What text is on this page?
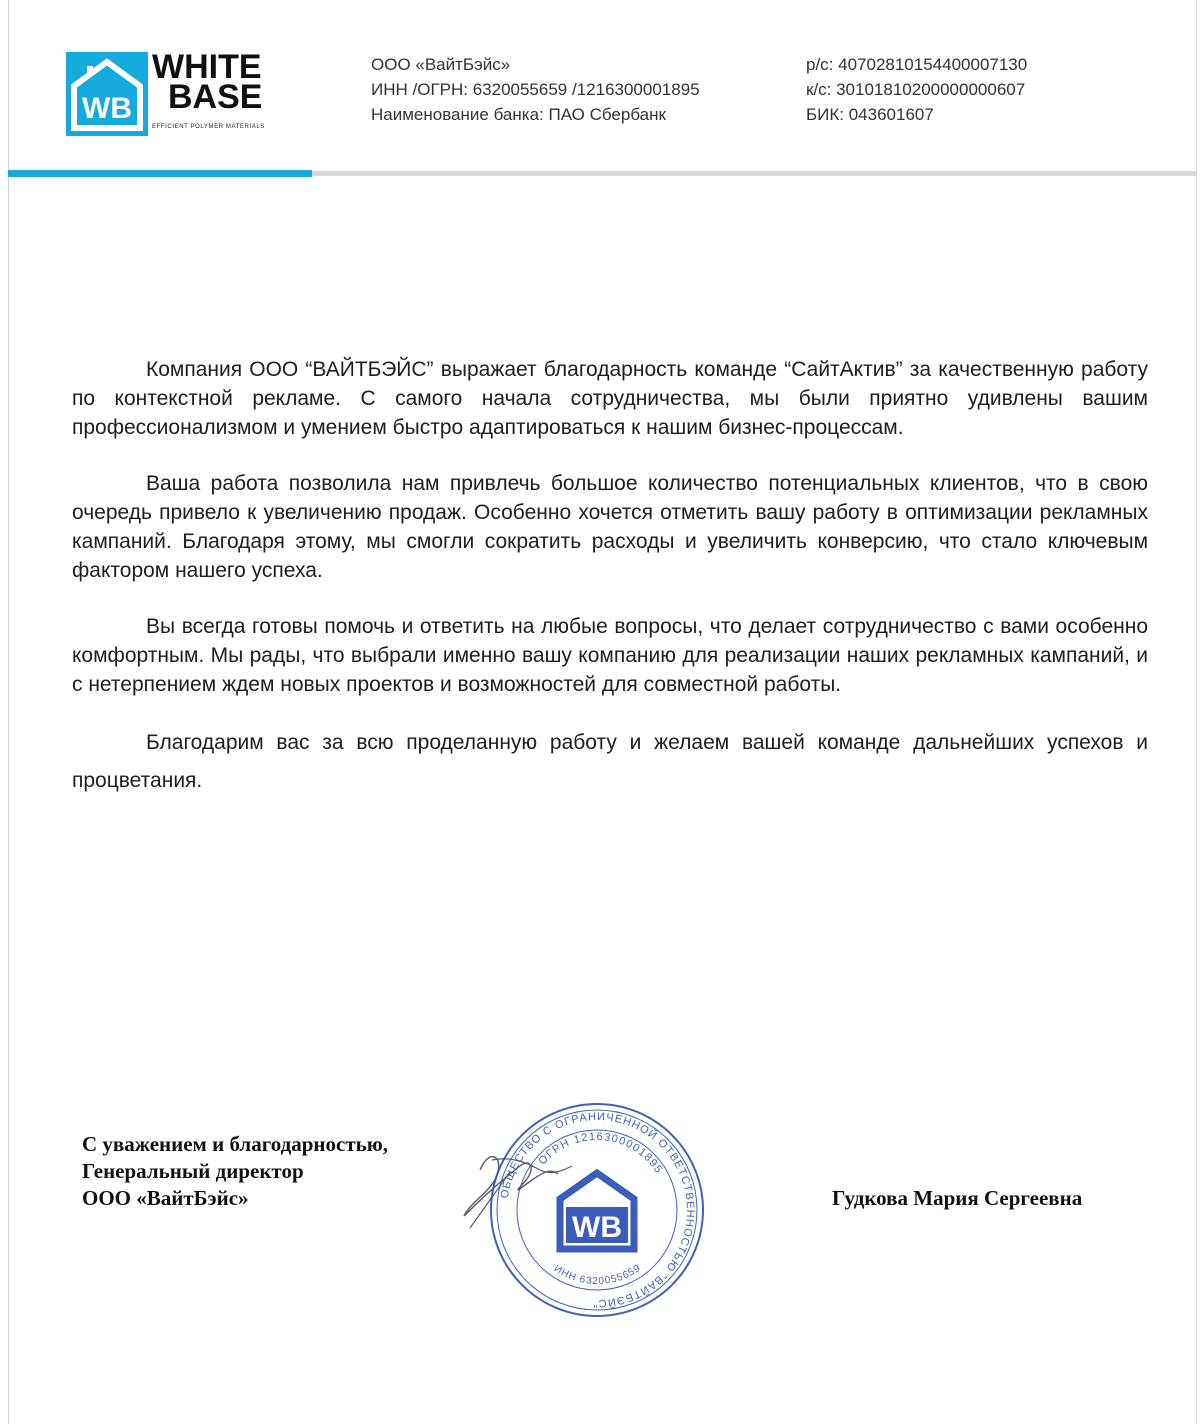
WB
WHITE
BASE
EFFICIENT POLYMER MATERIALS
ООО «ВайтБэйс»
ИНН /ОГРН: 6320055659 /1216300001895
Наименование банка: ПАО Сбербанк
р/с: 40702810154400007130
к/с: 30101810200000000607
БИК: 043601607

Компания ООО “ВАЙТБЭЙС” выражает благодарность команде “СайтАктив” за качественную работу по контекстной рекламе. С самого начала сотрудничества, мы были приятно удивлены вашим профессионализмом и умением быстро адаптироваться к нашим бизнес-процессам.

Ваша работа позволила нам привлечь большое количество потенциальных клиентов, что в свою очередь привело к увеличению продаж. Особенно хочется отметить вашу работу в оптимизации рекламных кампаний. Благодаря этому, мы смогли сократить расходы и увеличить конверсию, что стало ключевым фактором нашего успеха.

Вы всегда готовы помочь и ответить на любые вопросы, что делает сотрудничество с вами особенно комфортным. Мы рады, что выбрали именно вашу компанию для реализации наших рекламных кампаний, и с нетерпением ждем новых проектов и возможностей для совместной работы.

Благодарим вас за всю проделанную работу и желаем вашей команде дальнейших успехов и процветания.

С уважением и благодарностью,
Генеральный директор
ООО «ВайтБэйс»	ОБЩЕСТВО С ОГРАНИЧЕННОЙ ОТВЕТСТВЕННОСТЬЮ "ВАЙТБЭЙС"
ОГРН 1216300001895
ИНН 6320055659
WB
Гудкова Мария Сергеевна
